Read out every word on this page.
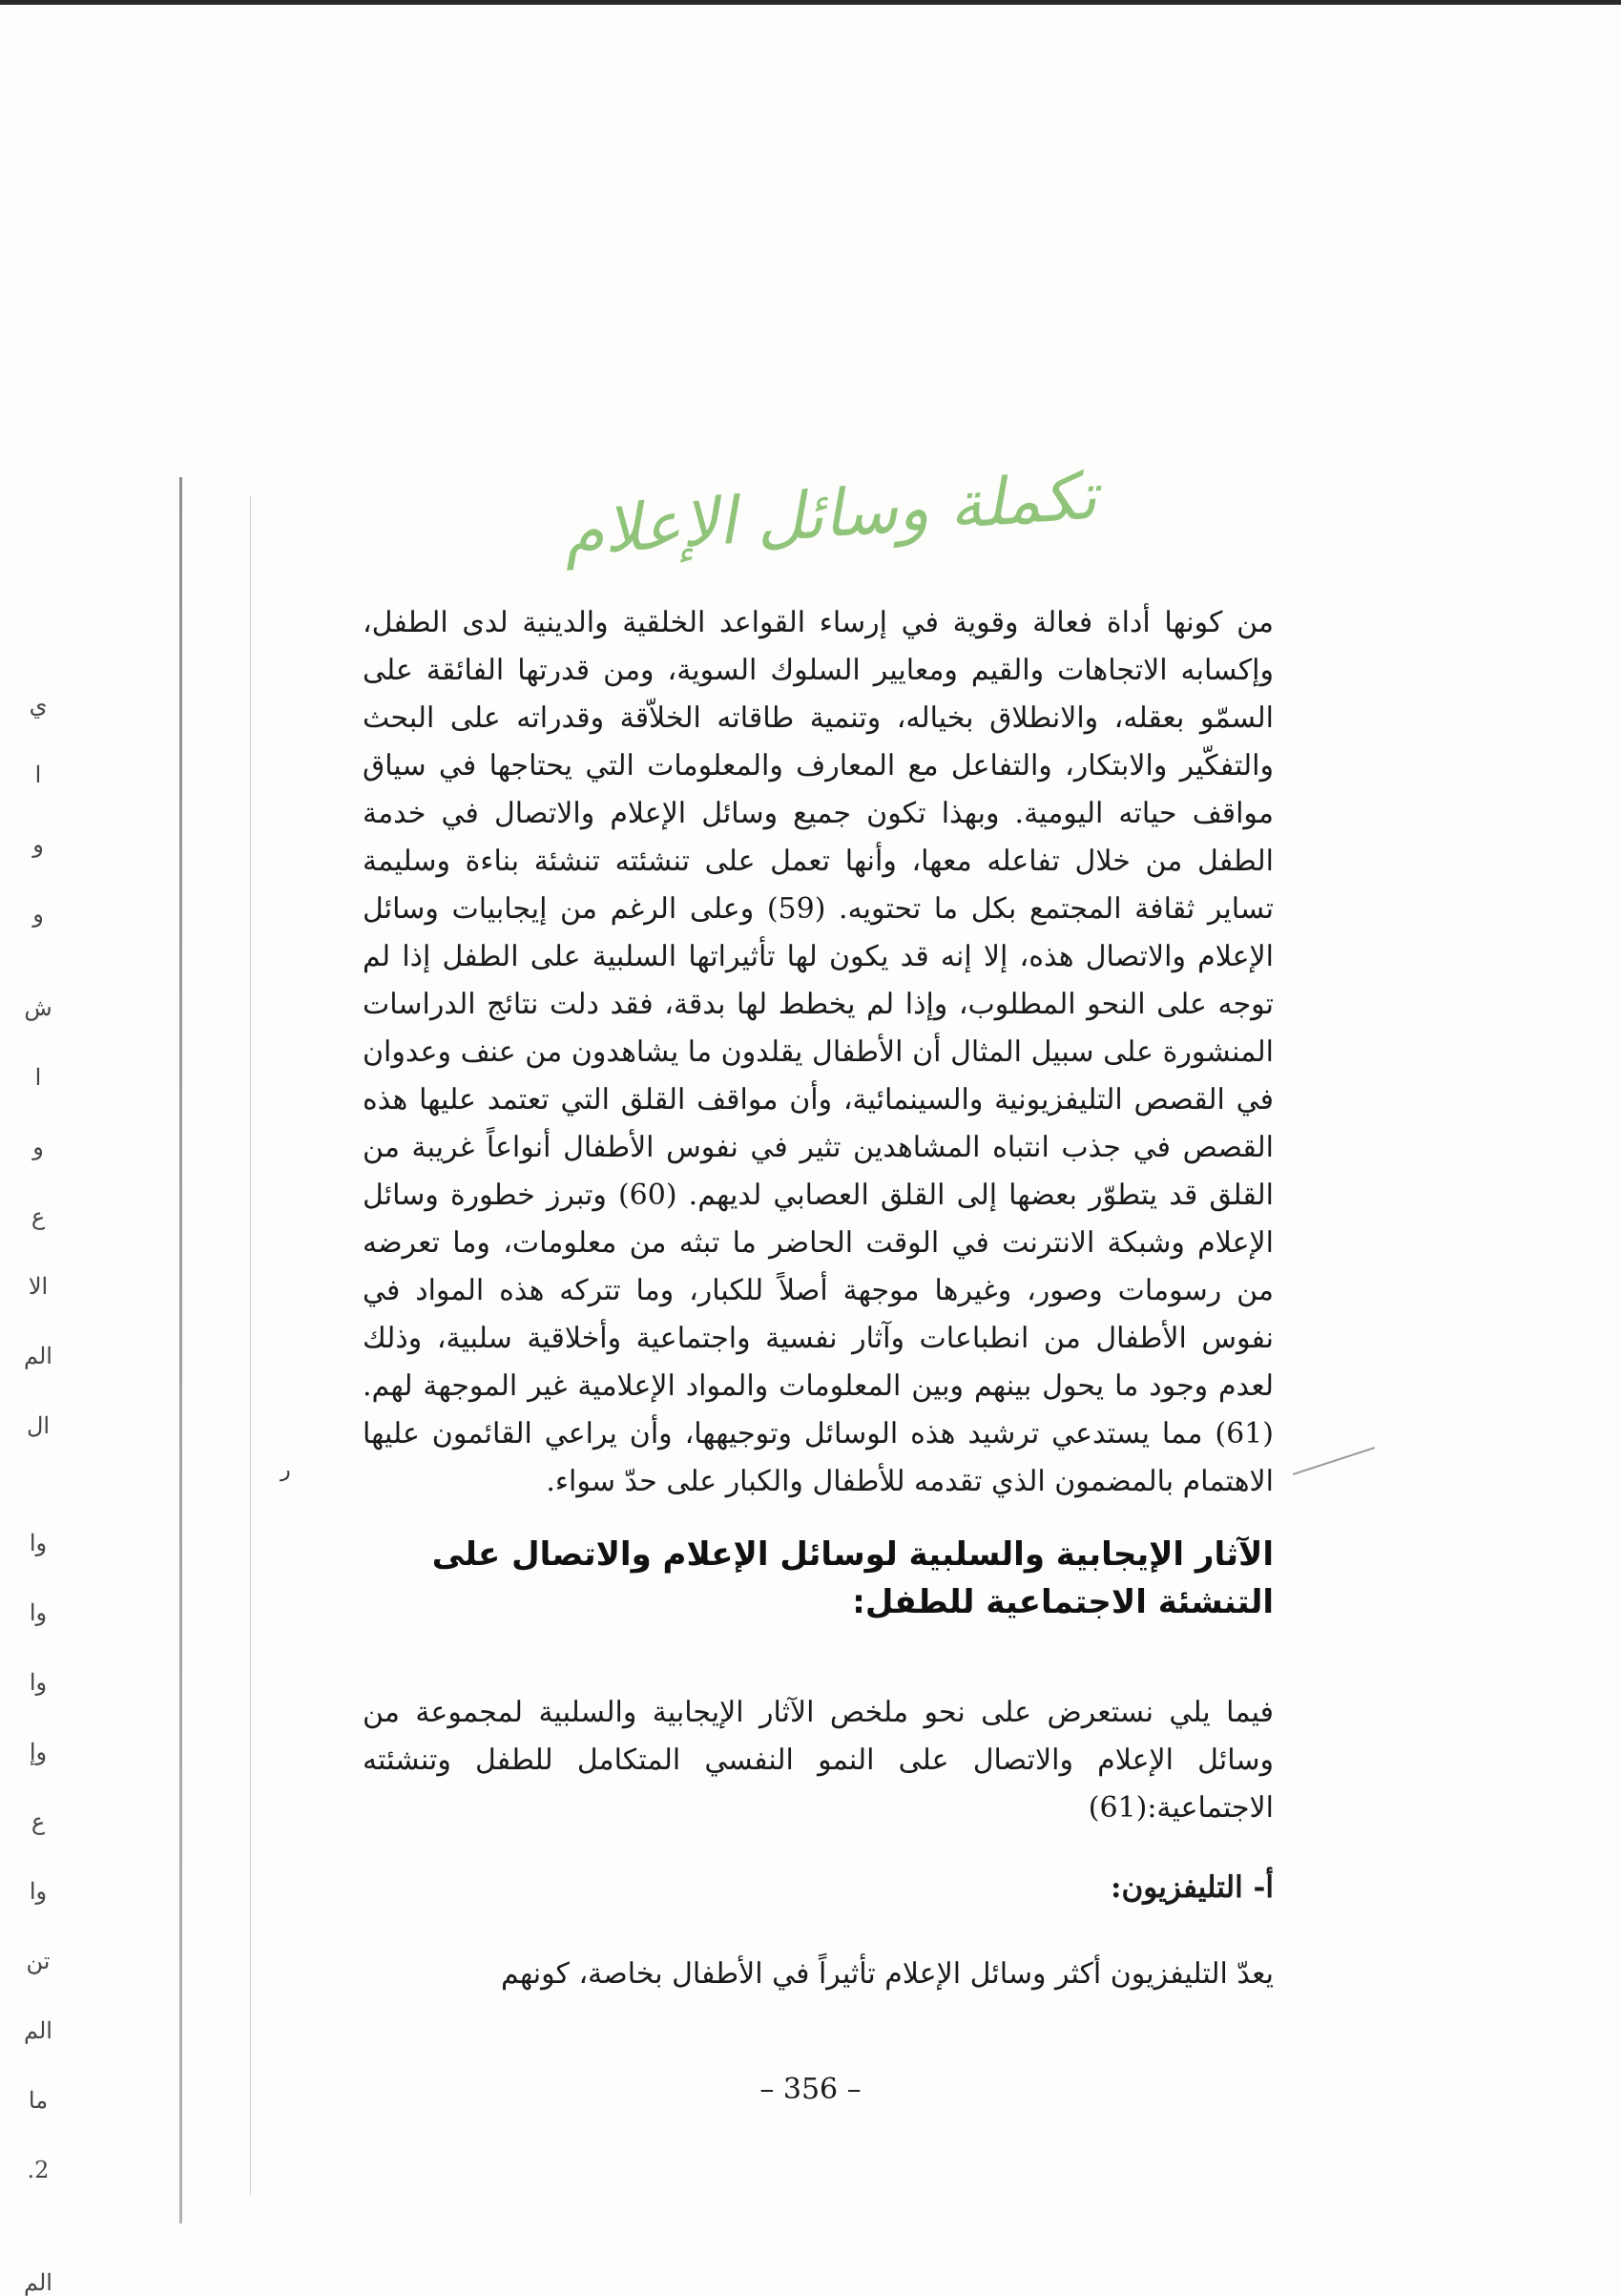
ي
ا
و
و
ش
ا
و
ع
الا
الم
ال
وا
وا
وا
وإ
ع
وا
تن
الم
ما
2.
الم
ر
تكملة وسائل الإعلام

من كونها أداة فعالة وقوية في إرساء القواعد الخلقية والدينية لدى الطفل، وإكسابه الاتجاهات والقيم ومعايير السلوك السوية، ومن قدرتها الفائقة على السمّو بعقله، والانطلاق بخياله، وتنمية طاقاته الخلاّقة وقدراته على البحث والتفكّير والابتكار، والتفاعل مع المعارف والمعلومات التي يحتاجها في سياق مواقف حياته اليومية. وبهذا تكون جميع وسائل الإعلام والاتصال في خدمة الطفل من خلال تفاعله معها، وأنها تعمل على تنشئته تنشئة بناءة وسليمة تساير ثقافة المجتمع بكل ما تحتويه. (59) وعلى الرغم من إيجابيات وسائل الإعلام والاتصال هذه، إلا إنه قد يكون لها تأثيراتها السلبية على الطفل إذا لم توجه على النحو المطلوب، وإذا لم يخطط لها بدقة، فقد دلت نتائج الدراسات المنشورة على سبيل المثال أن الأطفال يقلدون ما يشاهدون من عنف وعدوان في القصص التليفزيونية والسينمائية، وأن مواقف القلق التي تعتمد عليها هذه القصص في جذب انتباه المشاهدين تثير في نفوس الأطفال أنواعاً غريبة من القلق قد يتطوّر بعضها إلى القلق العصابي لديهم. (60) وتبرز خطورة وسائل الإعلام وشبكة الانترنت في الوقت الحاضر ما تبثه من معلومات، وما تعرضه من رسومات وصور، وغيرها موجهة أصلاً للكبار، وما تتركه هذه المواد في نفوس الأطفال من انطباعات وآثار نفسية واجتماعية وأخلاقية سلبية، وذلك لعدم وجود ما يحول بينهم وبين المعلومات والمواد الإعلامية غير الموجهة لهم. (61) مما يستدعي ترشيد هذه الوسائل وتوجيهها، وأن يراعي القائمون عليها الاهتمام بالمضمون الذي تقدمه للأطفال والكبار على حدّ سواء.

الآثار الإيجابية والسلبية لوسائل الإعلام والاتصال على التنشئة الاجتماعية للطفل:

فيما يلي نستعرض على نحو ملخص الآثار الإيجابية والسلبية لمجموعة من وسائل الإعلام والاتصال على النمو النفسي المتكامل للطفل وتنشئته الاجتماعية:(61)

أ- التليفزيون:

يعدّ التليفزيون أكثر وسائل الإعلام تأثيراً في الأطفال بخاصة، كونهم

– 356 –
